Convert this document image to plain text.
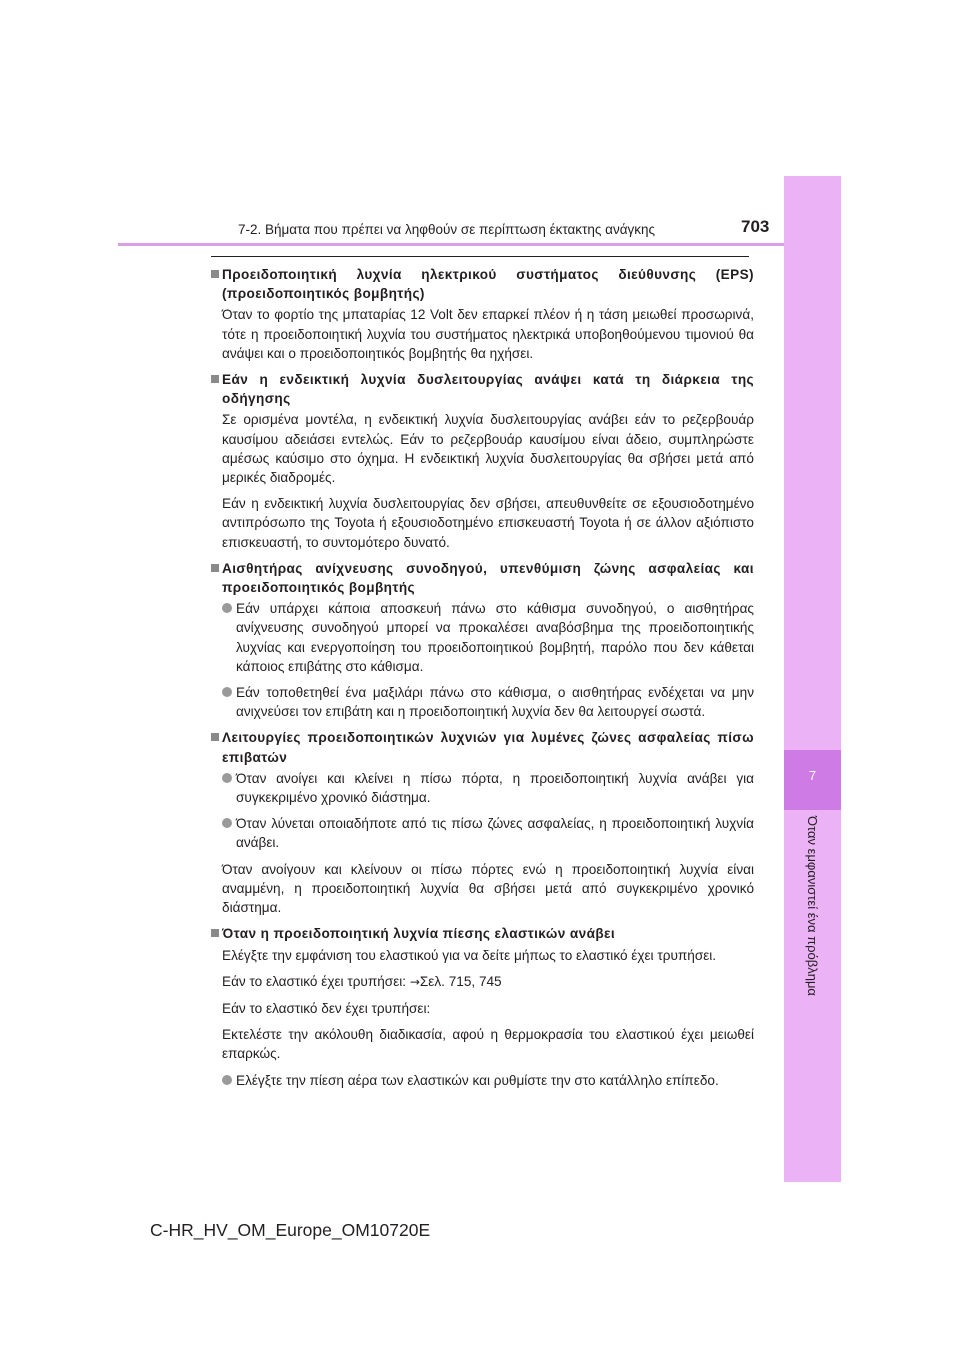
7-2. Βήματα που πρέπει να ληφθούν σε περίπτωση έκτακτης ανάγκης	703
7
Όταν εμφανιστεί ένα πρόβλημα

Προειδοποιητική λυχνία ηλεκτρικού συστήματος διεύθυνσης (EPS) (προειδοποιητικός βομβητής)

Όταν το φορτίο της μπαταρίας 12 Volt δεν επαρκεί πλέον ή η τάση μειωθεί προσωρινά, τότε η προειδοποιητική λυχνία του συστήματος ηλεκτρικά υποβοηθούμενου τιμονιού θα ανάψει και ο προειδοποιητικός βομβητής θα ηχήσει.

Εάν η ενδεικτική λυχνία δυσλειτουργίας ανάψει κατά τη διάρκεια της οδήγησης

Σε ορισμένα μοντέλα, η ενδεικτική λυχνία δυσλειτουργίας ανάβει εάν το ρεζερβουάρ καυσίμου αδειάσει εντελώς. Εάν το ρεζερβουάρ καυσίμου είναι άδειο, συμπληρώστε αμέσως καύσιμο στο όχημα. Η ενδεικτική λυχνία δυσλειτουργίας θα σβήσει μετά από μερικές διαδρομές.

Εάν η ενδεικτική λυχνία δυσλειτουργίας δεν σβήσει, απευθυνθείτε σε εξουσιοδοτημένο αντιπρόσωπο της Toyota ή εξουσιοδοτημένο επισκευαστή Toyota ή σε άλλον αξιόπιστο επισκευαστή, το συντομότερο δυνατό.

Αισθητήρας ανίχνευσης συνοδηγού, υπενθύμιση ζώνης ασφαλείας και προειδοποιητικός βομβητής

Εάν υπάρχει κάποια αποσκευή πάνω στο κάθισμα συνοδηγού, ο αισθητήρας ανίχνευσης συνοδηγού μπορεί να προκαλέσει αναβόσβημα της προειδοποιητικής λυχνίας και ενεργοποίηση του προειδοποιητικού βομβητή, παρόλο που δεν κάθεται κάποιος επιβάτης στο κάθισμα.
Εάν τοποθετηθεί ένα μαξιλάρι πάνω στο κάθισμα, ο αισθητήρας ενδέχεται να μην ανιχνεύσει τον επιβάτη και η προειδοποιητική λυχνία δεν θα λειτουργεί σωστά.

Λειτουργίες προειδοποιητικών λυχνιών για λυμένες ζώνες ασφαλείας πίσω επιβατών

Όταν ανοίγει και κλείνει η πίσω πόρτα, η προειδοποιητική λυχνία ανάβει για συγκεκριμένο χρονικό διάστημα.
Όταν λύνεται οποιαδήποτε από τις πίσω ζώνες ασφαλείας, η προειδοποιητική λυχνία ανάβει.

Όταν ανοίγουν και κλείνουν οι πίσω πόρτες ενώ η προειδοποιητική λυχνία είναι αναμμένη, η προειδοποιητική λυχνία θα σβήσει μετά από συγκεκριμένο χρονικό διάστημα.

Όταν η προειδοποιητική λυχνία πίεσης ελαστικών ανάβει

Ελέγξτε την εμφάνιση του ελαστικού για να δείτε μήπως το ελαστικό έχει τρυπήσει.

Εάν το ελαστικό έχει τρυπήσει: →Σελ. 715, 745

Εάν το ελαστικό δεν έχει τρυπήσει:

Εκτελέστε την ακόλουθη διαδικασία, αφού η θερμοκρασία του ελαστικού έχει μειωθεί επαρκώς.

Ελέγξτε την πίεση αέρα των ελαστικών και ρυθμίστε την στο κατάλληλο επίπεδο.
C-HR_HV_OM_Europe_OM10720E
